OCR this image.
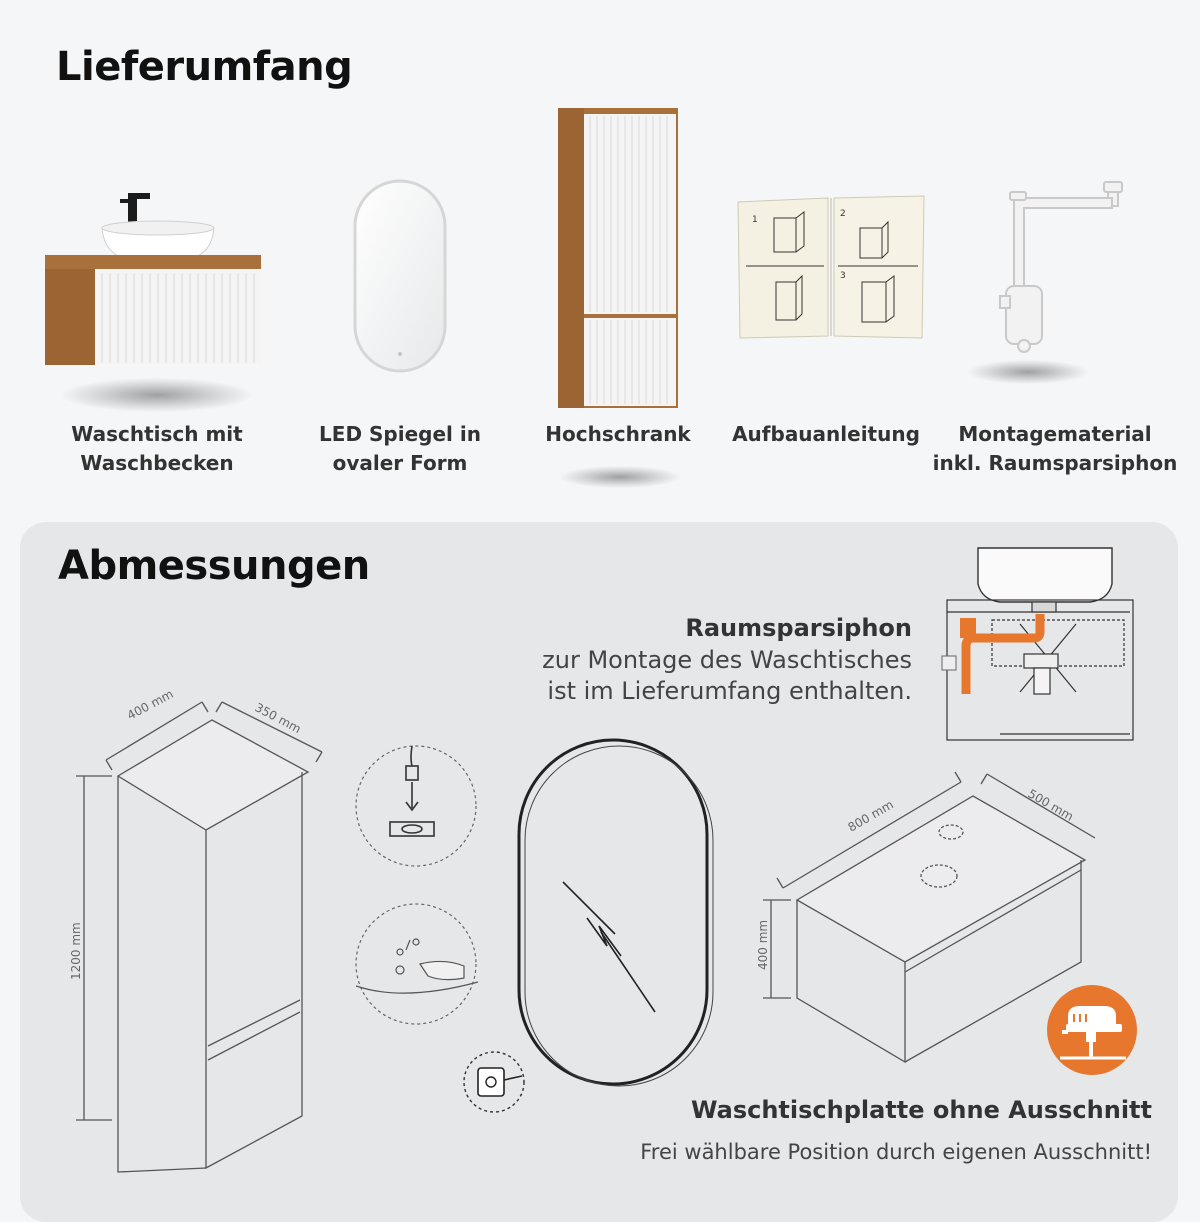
Lieferumfang
Waschtisch mit
Waschbecken
LED Spiegel in
ovaler Form
Hochschrank
1
2
3
Aufbauanleitung	Montagematerial
inkl. Raumsparsiphon
Abmessungen
400 mm	350 mm
1200 mm
Raumsparsiphon
zur Montage des Waschtisches
ist im Lieferumfang enthalten.
800 mm	500 mm
400 mm
Waschtischplatte ohne Ausschnitt
Frei wählbare Position durch eigenen Ausschnitt!
